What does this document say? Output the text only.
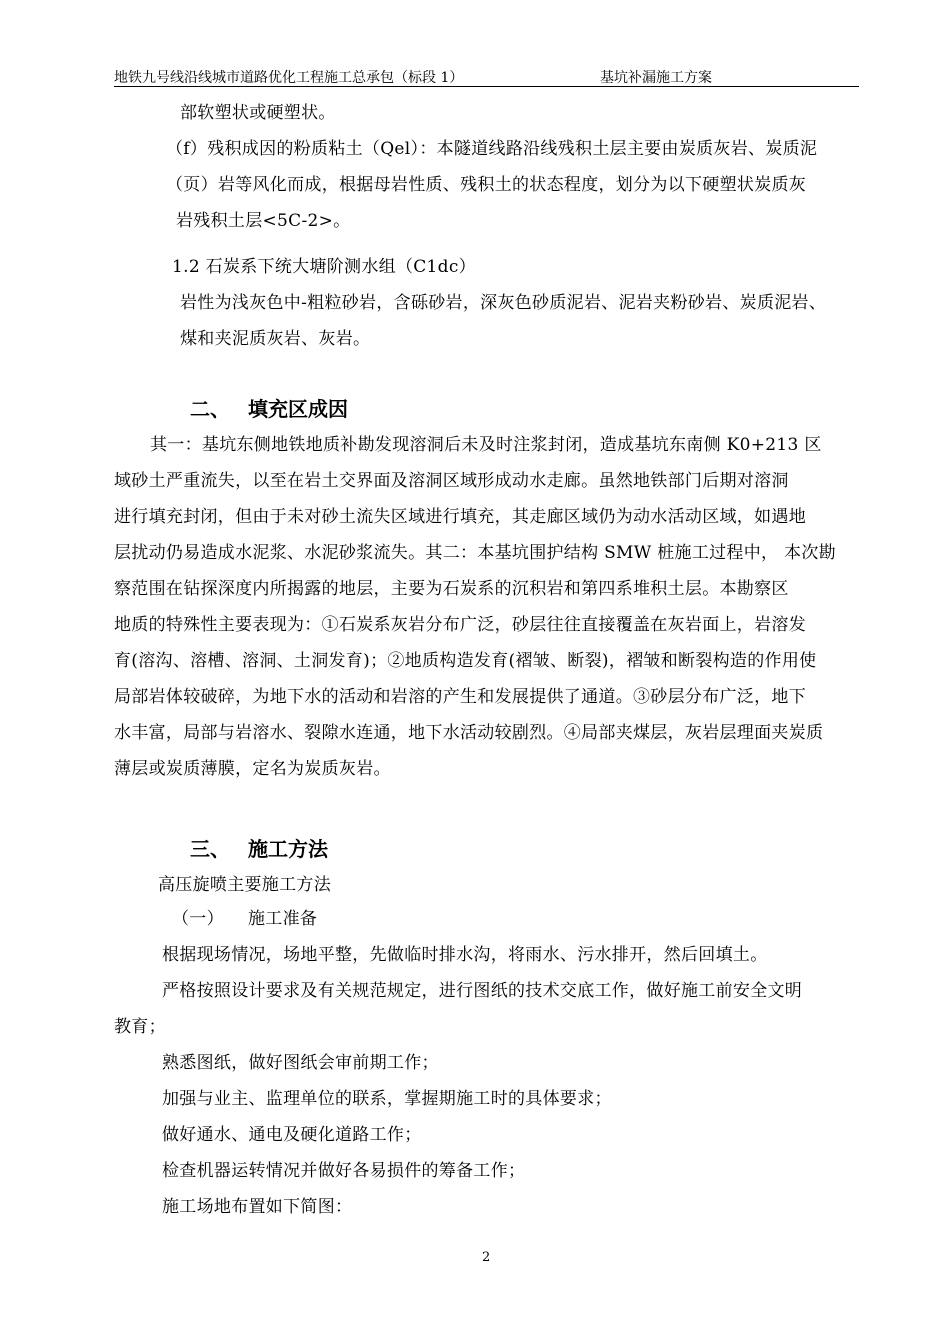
地铁九号线沿线城市道路优化工程施工总承包（标段 1）	基坑补漏施工方案
部软塑状或硬塑状。
（f）残积成因的粉质粘土（Qel）：本隧道线路沿线残积土层主要由炭质灰岩、炭质泥
（页）岩等风化而成，根据母岩性质、残积土的状态程度，划分为以下硬塑状炭质灰
岩残积土层<5C-2>。
1.2 石炭系下统大塘阶测水组（C1dc）
岩性为浅灰色中-粗粒砂岩，含砾砂岩，深灰色砂质泥岩、泥岩夹粉砂岩、炭质泥岩、
煤和夹泥质灰岩、灰岩。
二、 填充区成因
其一：基坑东侧地铁地质补勘发现溶洞后未及时注浆封闭，造成基坑东南侧 K0+213 区
域砂土严重流失，以至在岩土交界面及溶洞区域形成动水走廊。虽然地铁部门后期对溶洞
进行填充封闭，但由于未对砂土流失区域进行填充，其走廊区域仍为动水活动区域，如遇地
层扰动仍易造成水泥浆、水泥砂浆流失。其二：本基坑围护结构 SMW 桩施工过程中， 本次勘
察范围在钻探深度内所揭露的地层，主要为石炭系的沉积岩和第四系堆积土层。本勘察区
地质的特殊性主要表现为：①石炭系灰岩分布广泛，砂层往往直接覆盖在灰岩面上，岩溶发
育(溶沟、溶槽、溶洞、土洞发育)；②地质构造发育(褶皱、断裂)，褶皱和断裂构造的作用使
局部岩体较破碎，为地下水的活动和岩溶的产生和发展提供了通道。③砂层分布广泛，地下
水丰富，局部与岩溶水、裂隙水连通，地下水活动较剧烈。④局部夹煤层，灰岩层理面夹炭质
薄层或炭质薄膜，定名为炭质灰岩。
三、 施工方法
高压旋喷主要施工方法
（一） 施工准备
根据现场情况，场地平整，先做临时排水沟，将雨水、污水排开，然后回填土。
严格按照设计要求及有关规范规定，进行图纸的技术交底工作，做好施工前安全文明
教育；
熟悉图纸，做好图纸会审前期工作；
加强与业主、监理单位的联系，掌握期施工时的具体要求；
做好通水、通电及硬化道路工作；
检查机器运转情况并做好各易损件的筹备工作；
施工场地布置如下简图：
2
